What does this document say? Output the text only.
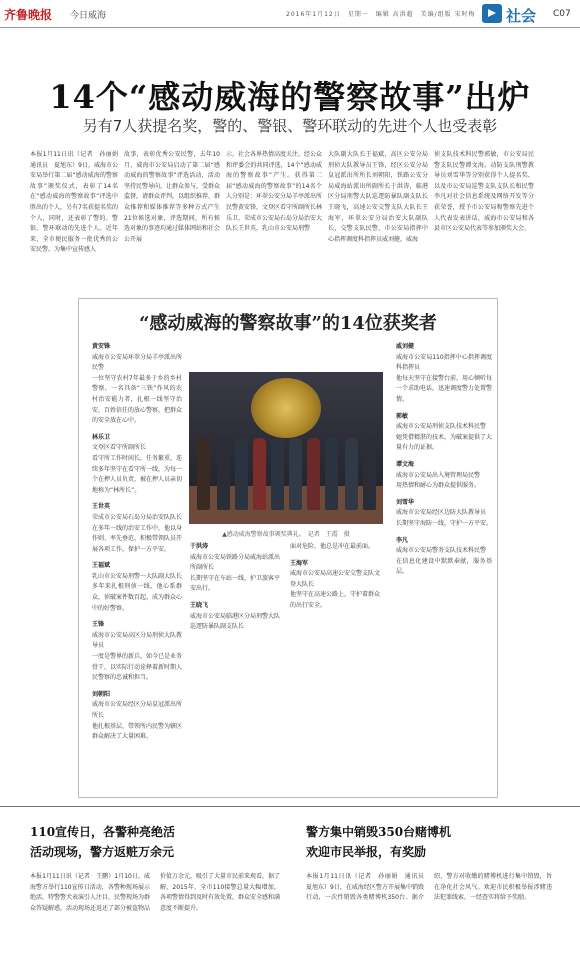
齐鲁晚报 今日威海	2016年1月12日　星期一　编辑 高洪超　美编/组版 宋时梅 社会 C07
14个“感动威海的警察故事”出炉
另有7人获提名奖，警的、警银、警环联动的先进个人也受表彰
本报1月11日讯（记者　孙丽娟　通讯员　夏旭东）9日，威海市公安局举行第二届“感动威海的警察故事”颁奖仪式，表彰了14名在“感动威海的警察故事”评选中胜出的个人，另有7名获提名奖的个人，同时，还表彰了警的、警银、警环联动的先进个人。近年来，全市便民服务一批优秀的公安民警，为集中宣传感人
故事，表彰优秀公安民警，去年10月，威海市公安局启动了第二届“感动威海的警察故事”评选活动，活动坚持民警导向，让群众参与，受群众监督，请群众评判，以组织推荐、群众推荐和媒体推荐等多种方式产生21位候选对象，评选期间，所有候选对象的事迹均通过媒体网站和社会公开展
示，社会各界热情高度关注，经公众和评委会的共同评选，14个“感动威海的警察故事”产生。获得第二届“感动威海的警察故事”的14名个人分别是：环翠公安分局羊亭派出所民警黄安锋，文登区看守所副所长林乐卫，荣成市公安局石岛分局治安大队长王世英，乳山市公安局刑警
大队副大队长王福斌，高区公安分局刑侦大队教导员王锋，经区公安分局皇冠派出所所长刘朝阳，铁路公安分局威海站派出所副所长于洪涛，临港区分局刑警大队巡逻防暴队副支队长王晓飞，高速公安交警支队大队长王海军，环翠公安分局治安大队副队长，交警支队民警，市公安局指挥中心指挥调度科指挥员威刘健，威海
侦支队技术科民警郭敏，市公安局民警支队民警谭文海。动防支队刑警教导员刘雪华等分别获得个人提名奖，以及市公安局巡警支队支队长和民警李凡对社会信息系统及网络开发等分获荣誉，授予市公安局和警察先进个人代表发表讲话，威海市公安局和各县市区公安局代表等参加颁奖大会。
“感动威海的警察故事”的14位获奖者
▲感动威海警察故事颁奖典礼。　记者　王霞　摄
黄安锋
威海市公安局环翠分局羊亭派出所民警
一位坚守农村7年最多于乡的乡村警察，一名具备“三铁”作风的农村治安能力者，扎根一线坚守治安，百姓信任的放心警察，把群众的安全放在心中。
林乐卫
文登区看守所副所长
看守所工作时间长，任务繁重，连续多年坚守在看守所一线，为每一个在押人员负责，被在押人员亲切地称为“林所长”。
王世英
荣成市公安局石岛分局治安队队长
在多年一线的治安工作中，他以身作则、率先垂范，积极带领队员开展各项工作，保护一方平安。
王福斌
乳山市公安局刑警一大队副大队长
多年来扎根刑侦一线，他心系群众，侦破案件数百起，成为群众心中的好警察。
王锋
威海市公安局高区分局刑侦大队教导员
一度是警界的新兵，如今已是业务骨干，以实际行动诠释着新时期人民警察的忠诚和担当。
刘朝阳
威海市公安局经区分局皇冠派出所所长
他扎根基层，带领所内民警为辖区群众解决了大量困难。
于洪涛
威海市公安局铁路分局威海站派出所副所长
长期坚守在车站一线，护卫旅客平安出行。
王晓飞
威海市公安局临港区分局刑警大队巡逻防暴队副支队长
面对危险，他总是冲在最前面。
王海军
威海市公安局高速公安交警支队文登大队长
他坚守在高速公路上，守护着群众的出行安全。
威刘健
威海市公安局110指挥中心指挥调度科指挥员
他每天坚守在接警台前，用心倾听每一个求助电话，迅速调度警力处置警情。
郭敏
威海市公安局刑侦支队技术科民警
她凭借精湛的技术，为破案提供了大量有力的证据。
谭文海
威海市公安局出入境管理局民警
用热情和耐心为群众提供服务。
刘雪华
威海市公安局经区边防大队教导员
长期坚守海防一线，守护一方平安。
李凡
威海市公安局警务支队技术科民警
在信息化建设中默默奉献，服务基层。
110宣传日，各警种亮绝活
活动现场，警方返赃万余元
本报1月11日讯（记者　王鹏）1月10日，威海警方举行110宣传日活动，各警种现场展示绝活，特警警犬表演引人注目，民警现场为群众答疑解惑，活动现场还返还了部分被盗物品价值万余元，吸引了大量市民前来观看。据了解，2015年，全市110接警总量大幅增加，各项警情得到及时有效处置，群众安全感和满意度不断提升。
警方集中销毁350台赌博机
欢迎市民举报，有奖励
本报1月11日讯（记者　孙丽娟　通讯员　夏旭东）9日，在威海经区警方开展集中销毁行动，一次性销毁各类赌博机350台。据介绍，警方对收缴的赌博机进行集中销毁，旨在净化社会风气。欢迎市民积极举报涉赌违法犯罪线索，一经查实将给予奖励。
